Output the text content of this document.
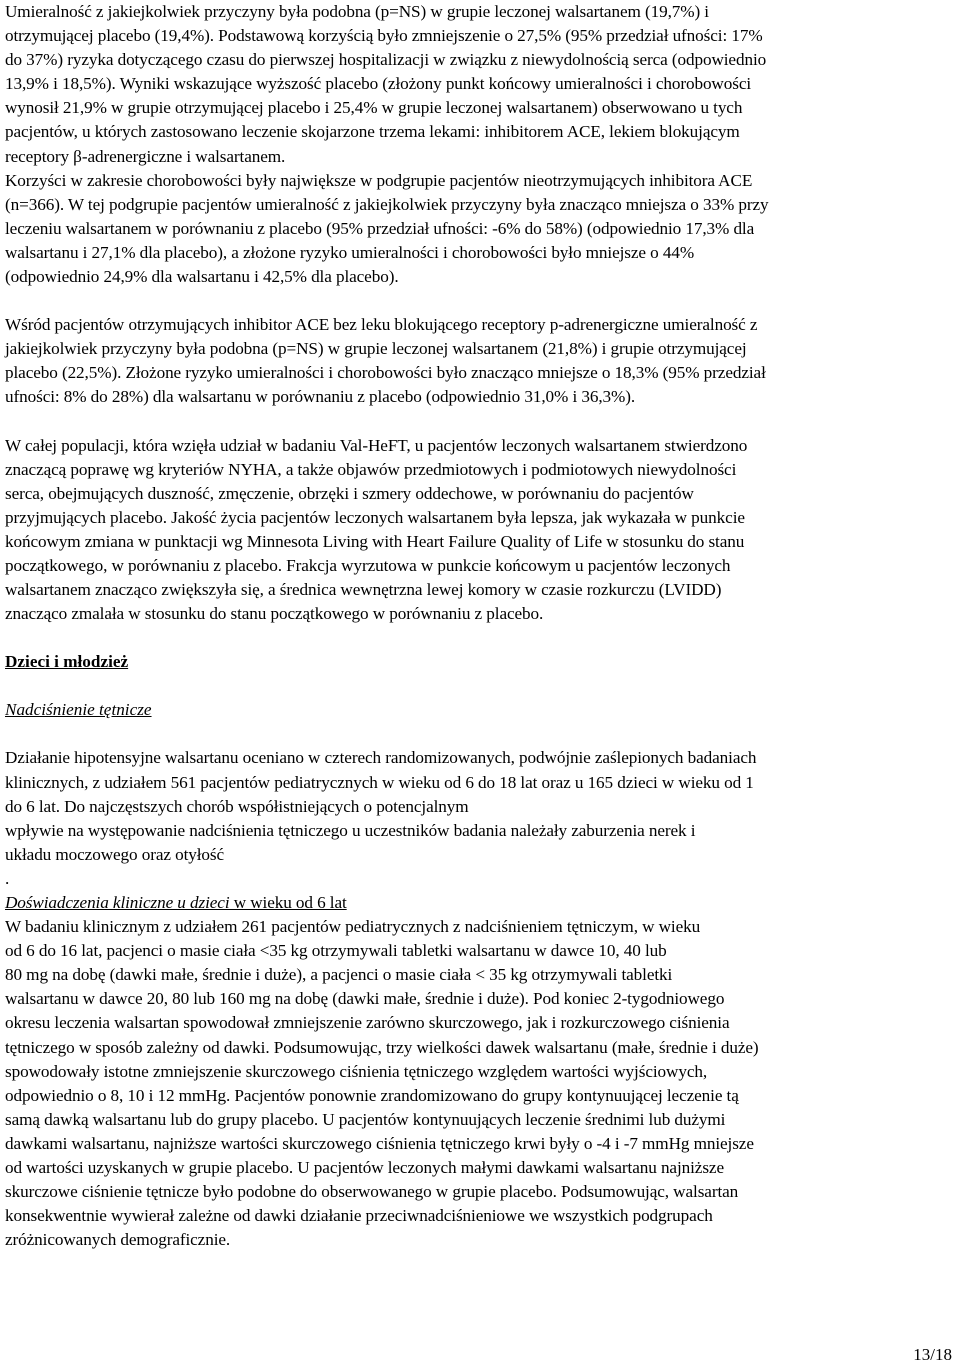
Umieralność z jakiejkolwiek przyczyny była podobna (p=NS) w grupie leczonej walsartanem (19,7%) i
otrzymującej placebo (19,4%). Podstawową korzyścią było zmniejszenie o 27,5% (95% przedział ufności: 17%
do 37%) ryzyka dotyczącego czasu do pierwszej hospitalizacji w związku z niewydolnością serca (odpowiednio
13,9% i 18,5%). Wyniki wskazujące wyższość placebo (złożony punkt końcowy umieralności i chorobowości
wynosił 21,9% w grupie otrzymującej placebo i 25,4% w grupie leczonej walsartanem) obserwowano u tych
pacjentów, u których zastosowano leczenie skojarzone trzema lekami: inhibitorem ACE, lekiem blokującym
receptory β-adrenergiczne i walsartanem.
Korzyści w zakresie chorobowości były największe w podgrupie pacjentów nieotrzymujących inhibitora ACE
(n=366). W tej podgrupie pacjentów umieralność z jakiejkolwiek przyczyny była znacząco mniejsza o 33% przy
leczeniu walsartanem w porównaniu z placebo (95% przedział ufności: -6% do 58%) (odpowiednio 17,3% dla
walsartanu i 27,1% dla placebo), a złożone ryzyko umieralności i chorobowości było mniejsze o 44%
(odpowiednio 24,9% dla walsartanu i 42,5% dla placebo).

Wśród pacjentów otrzymujących inhibitor ACE bez leku blokującego receptory p-adrenergiczne umieralność z
jakiejkolwiek przyczyny była podobna (p=NS) w grupie leczonej walsartanem (21,8%) i grupie otrzymującej
placebo (22,5%). Złożone ryzyko umieralności i chorobowości było znacząco mniejsze o 18,3% (95% przedział
ufności: 8% do 28%) dla walsartanu w porównaniu z placebo (odpowiednio 31,0% i 36,3%).

W całej populacji, która wzięła udział w badaniu Val-HeFT, u pacjentów leczonych walsartanem stwierdzono
znaczącą poprawę wg kryteriów NYHA, a także objawów przedmiotowych i podmiotowych niewydolności
serca, obejmujących duszność, zmęczenie, obrzęki i szmery oddechowe, w porównaniu do pacjentów
przyjmujących placebo. Jakość życia pacjentów leczonych walsartanem była lepsza, jak wykazała w punkcie
końcowym zmiana w punktacji wg Minnesota Living with Heart Failure Quality of Life w stosunku do stanu
początkowego, w porównaniu z placebo. Frakcja wyrzutowa w punkcie końcowym u pacjentów leczonych
walsartanem znacząco zwiększyła się, a średnica wewnętrzna lewej komory w czasie rozkurczu (LVIDD)
znacząco zmalała w stosunku do stanu początkowego w porównaniu z placebo.

Dzieci i młodzież

Nadciśnienie tętnicze

Działanie hipotensyjne walsartanu oceniano w czterech randomizowanych, podwójnie zaślepionych badaniach
klinicznych, z udziałem 561 pacjentów pediatrycznych w wieku od 6 do 18 lat oraz u 165 dzieci w wieku od 1
do 6 lat. Do najczęstszych chorób współistniejących o potencjalnym
wpływie na występowanie nadciśnienia tętniczego u uczestników badania należały zaburzenia nerek i
układu moczowego oraz otyłość
.

Doświadczenia kliniczne u dzieci w wieku od 6 lat

W badaniu klinicznym z udziałem 261 pacjentów pediatrycznych z nadciśnieniem tętniczym, w wieku
od 6 do 16 lat, pacjenci o masie ciała <35 kg otrzymywali tabletki walsartanu w dawce 10, 40 lub
80 mg na dobę (dawki małe, średnie i duże), a pacjenci o masie ciała < 35 kg otrzymywali tabletki
walsartanu w dawce 20, 80 lub 160 mg na dobę (dawki małe, średnie i duże). Pod koniec 2-tygodniowego
okresu leczenia walsartan spowodował zmniejszenie zarówno skurczowego, jak i rozkurczowego ciśnienia
tętniczego w sposób zależny od dawki. Podsumowując, trzy wielkości dawek walsartanu (małe, średnie i duże)
spowodowały istotne zmniejszenie skurczowego ciśnienia tętniczego względem wartości wyjściowych,
odpowiednio o 8, 10 i 12 mmHg. Pacjentów ponownie zrandomizowano do grupy kontynuującej leczenie tą
samą dawką walsartanu lub do grupy placebo. U pacjentów kontynuujących leczenie średnimi lub dużymi
dawkami walsartanu, najniższe wartości skurczowego ciśnienia tętniczego krwi były o -4 i -7 mmHg mniejsze
od wartości uzyskanych w grupie placebo. U pacjentów leczonych małymi dawkami walsartanu najniższe
skurczowe ciśnienie tętnicze było podobne do obserwowanego w grupie placebo. Podsumowując, walsartan
konsekwentnie wywierał zależne od dawki działanie przeciwnadciśnieniowe we wszystkich podgrupach
zróżnicowanych demograficznie.

13/18
